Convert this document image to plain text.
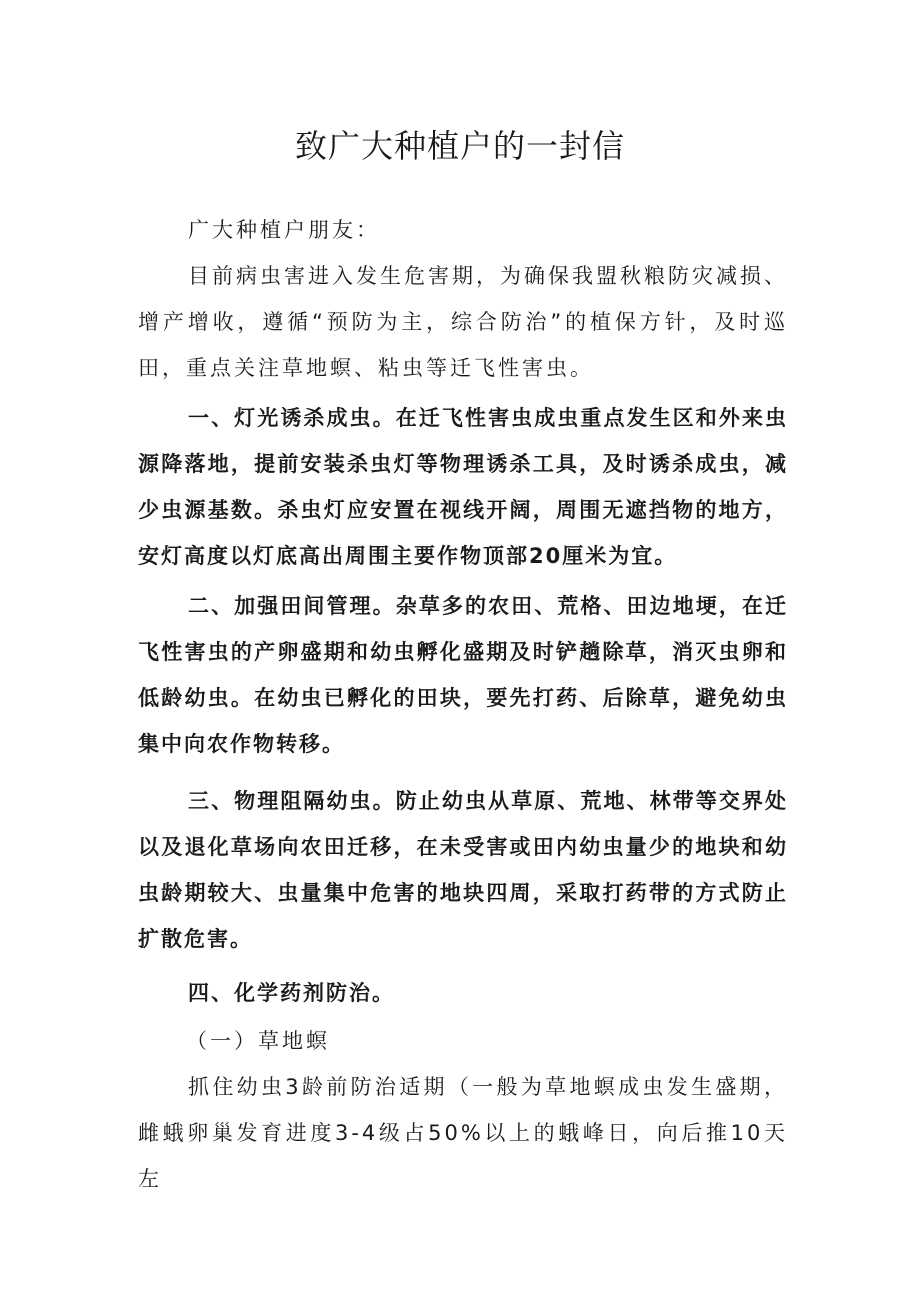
致广大种植户的一封信

广大种植户朋友：

目前病虫害进入发生危害期，为确保我盟秋粮防灾减损、增产增收，遵循“预防为主，综合防治”的植保方针，及时巡田，重点关注草地螟、粘虫等迁飞性害虫。

一、灯光诱杀成虫。在迁飞性害虫成虫重点发生区和外来虫源降落地，提前安装杀虫灯等物理诱杀工具，及时诱杀成虫，减少虫源基数。杀虫灯应安置在视线开阔，周围无遮挡物的地方，安灯高度以灯底高出周围主要作物顶部20厘米为宜。

二、加强田间管理。杂草多的农田、荒格、田边地埂，在迁飞性害虫的产卵盛期和幼虫孵化盛期及时铲趟除草，消灭虫卵和低龄幼虫。在幼虫已孵化的田块，要先打药、后除草，避免幼虫集中向农作物转移。

三、物理阻隔幼虫。防止幼虫从草原、荒地、林带等交界处以及退化草场向农田迁移，在未受害或田内幼虫量少的地块和幼虫龄期较大、虫量集中危害的地块四周，采取打药带的方式防止扩散危害。

四、化学药剂防治。

（一）草地螟

抓住幼虫3龄前防治适期（一般为草地螟成虫发生盛期，雌蛾卵巢发育进度3-4级占50%以上的蛾峰日，向后推10天左
